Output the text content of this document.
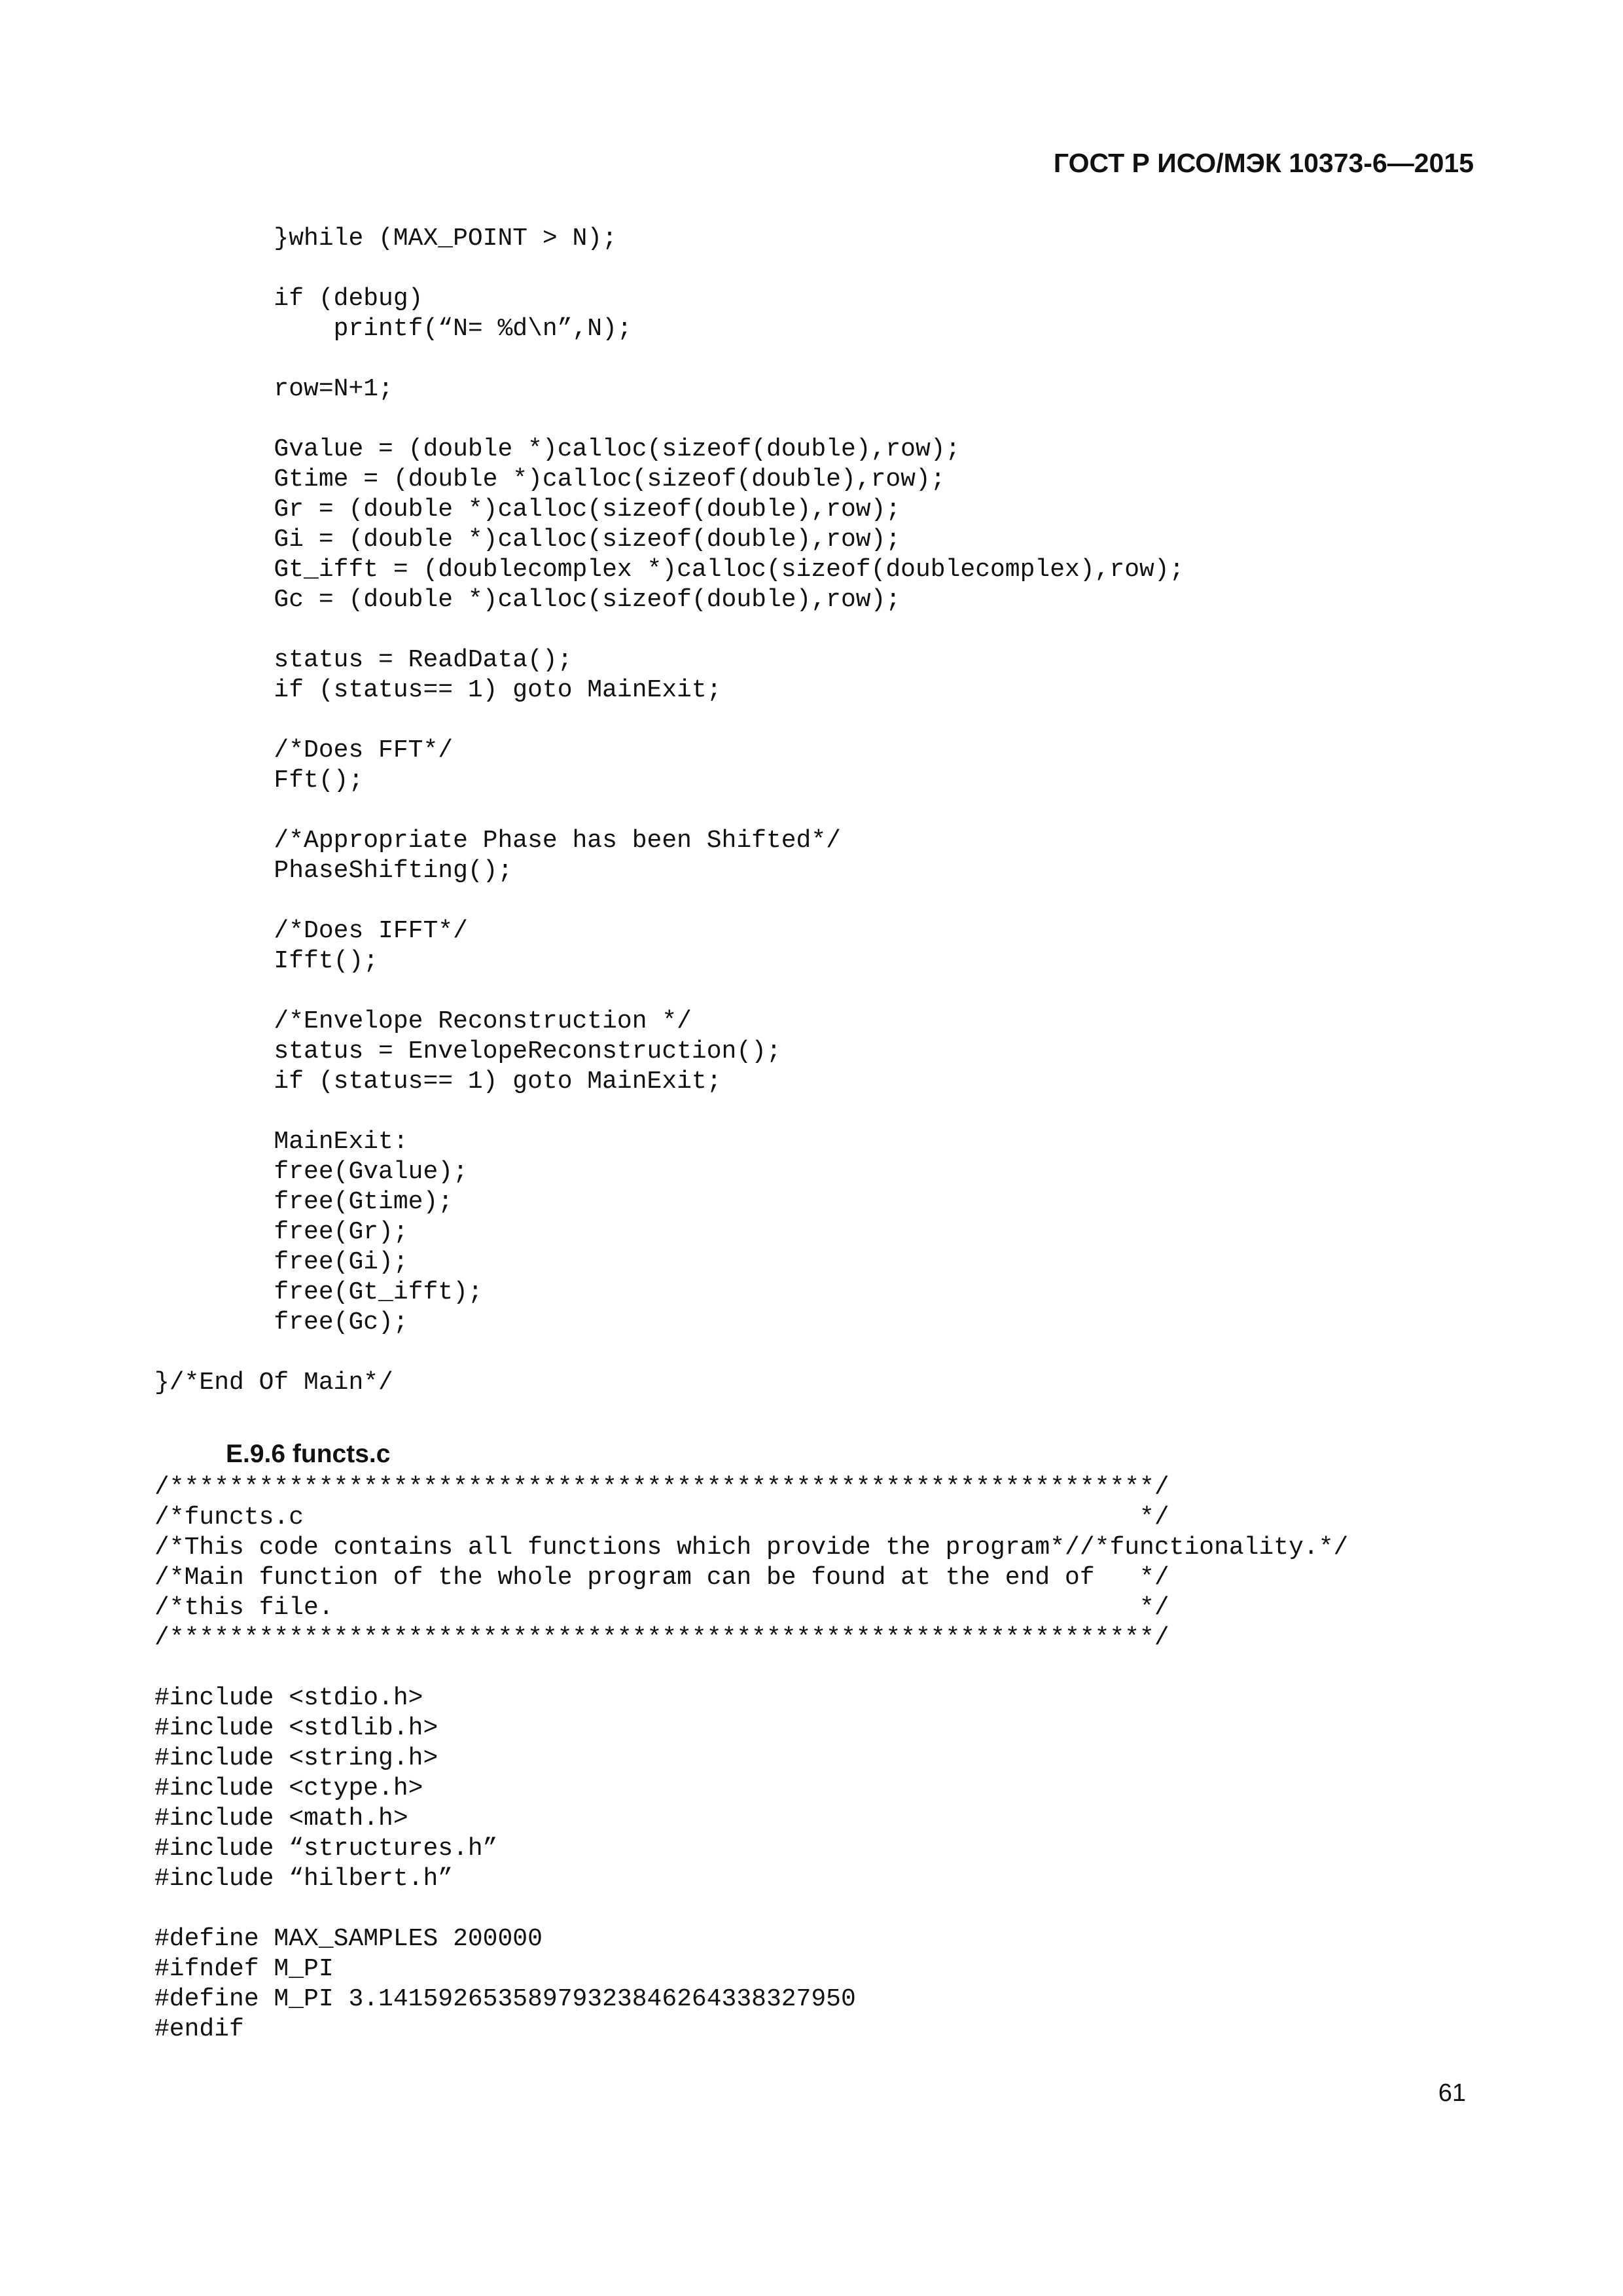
ГОСТ Р ИСО/МЭК 10373-6—2015
}while (MAX_POINT > N);
if (debug)
printf(“N= %d\n”,N);
row=N+1;
Gvalue = (double *)calloc(sizeof(double),row);
Gtime = (double *)calloc(sizeof(double),row);
Gr = (double *)calloc(sizeof(double),row);
Gi = (double *)calloc(sizeof(double),row);
Gt_ifft = (doublecomplex *)calloc(sizeof(doublecomplex),row);
Gc = (double *)calloc(sizeof(double),row);
status = ReadData();
if (status== 1) goto MainExit;
/*Does FFT*/
Fft();
/*Appropriate Phase has been Shifted*/
PhaseShifting();
/*Does IFFT*/
Ifft();
/*Envelope Reconstruction */
status = EnvelopeReconstruction();
if (status== 1) goto MainExit;
MainExit:
free(Gvalue);
free(Gtime);
free(Gr);
free(Gi);
free(Gt_ifft);
free(Gc);
}/*End Of Main*/
E.9.6 functs.c
/******************************************************************/
/*functs.c                                                        */
/*This code contains all functions which provide the program*//*functionality.*/
/*Main function of the whole program can be found at the end of   */
/*this file.                                                      */
/******************************************************************/
#include <stdio.h>
#include <stdlib.h>
#include <string.h>
#include <ctype.h>
#include <math.h>
#include “structures.h”
#include “hilbert.h”
#define MAX_SAMPLES 200000
#ifndef M_PI
#define M_PI 3.14159265358979323846264338327950
#endif
61
